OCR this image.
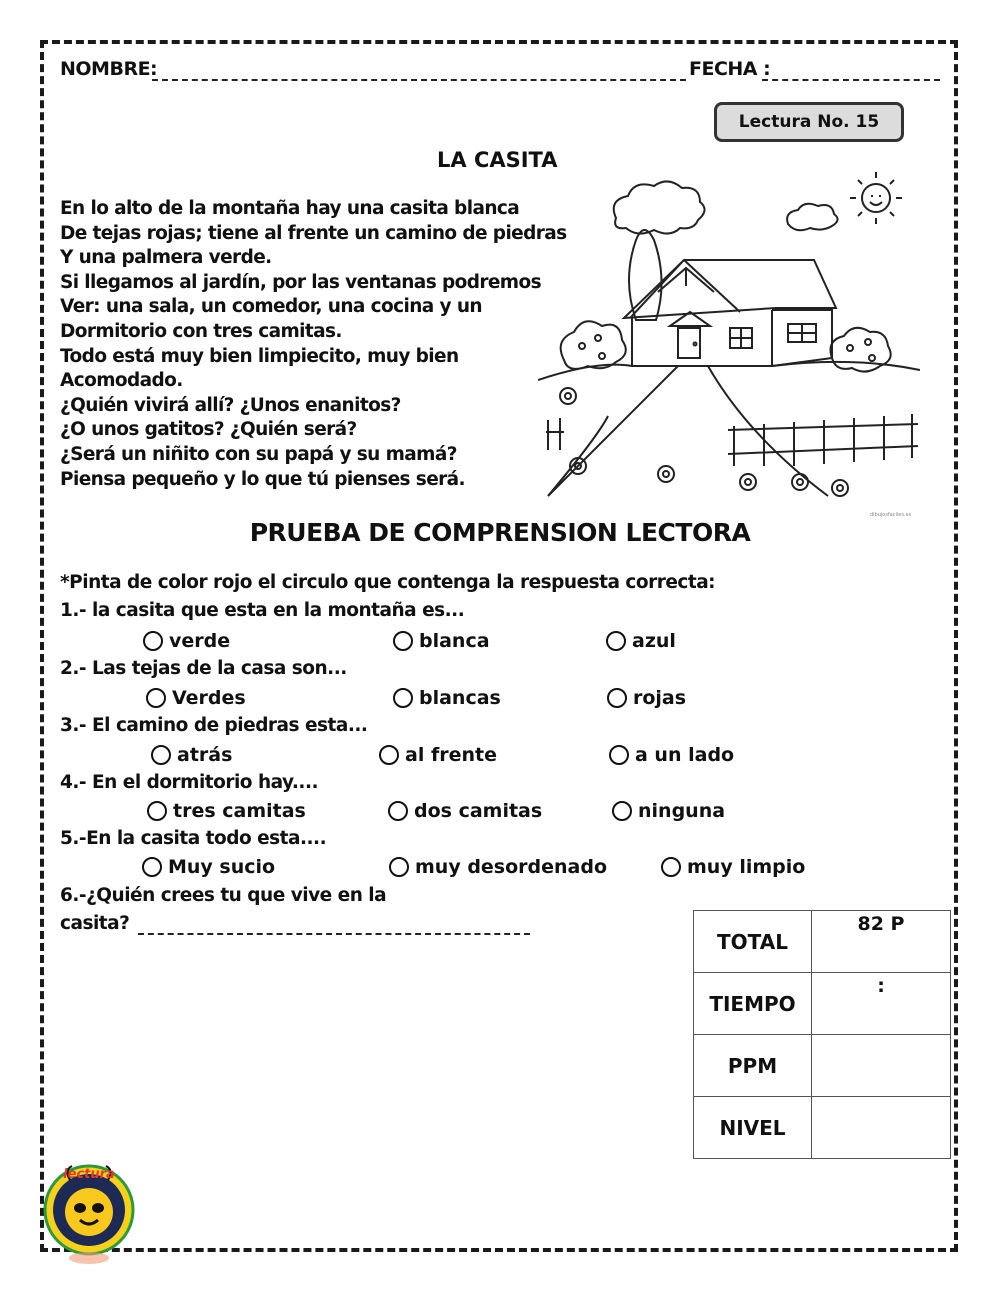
NOMBRE:	FECHA :
Lectura No. 15
LA CASITA
En lo alto de la montaña hay una casita blanca
De tejas rojas; tiene al frente un camino de piedras
Y una palmera verde.
Si llegamos al jardín, por las ventanas podremos
Ver: una sala, un comedor, una cocina y un
Dormitorio con tres camitas.
Todo está muy bien limpiecito, muy bien
Acomodado.
¿Quién vivirá allí? ¿Unos enanitos?
¿O unos gatitos? ¿Quién será?
¿Será un niñito con su papá y su mamá?
Piensa pequeño y lo que tú pienses será.
dibujosfaciles.es
PRUEBA DE COMPRENSION LECTORA
*Pinta de color rojo el circulo que contenga la respuesta correcta:
1.- la casita que esta en la montaña es...
verde	blanca	azul
2.- Las tejas de la casa son...
Verdes	blancas	rojas
3.- El camino de piedras esta...
atrás	al frente	a un lado
4.- En el dormitorio hay....
tres camitas	dos camitas	ninguna
5.-En la casita todo esta....
Muy sucio	muy desordenado	muy limpio
6.-¿Quién crees tu que vive en la
casita?
TOTAL	82 P
TIEMPO	:
PPM	
NIVEL	
lectura
